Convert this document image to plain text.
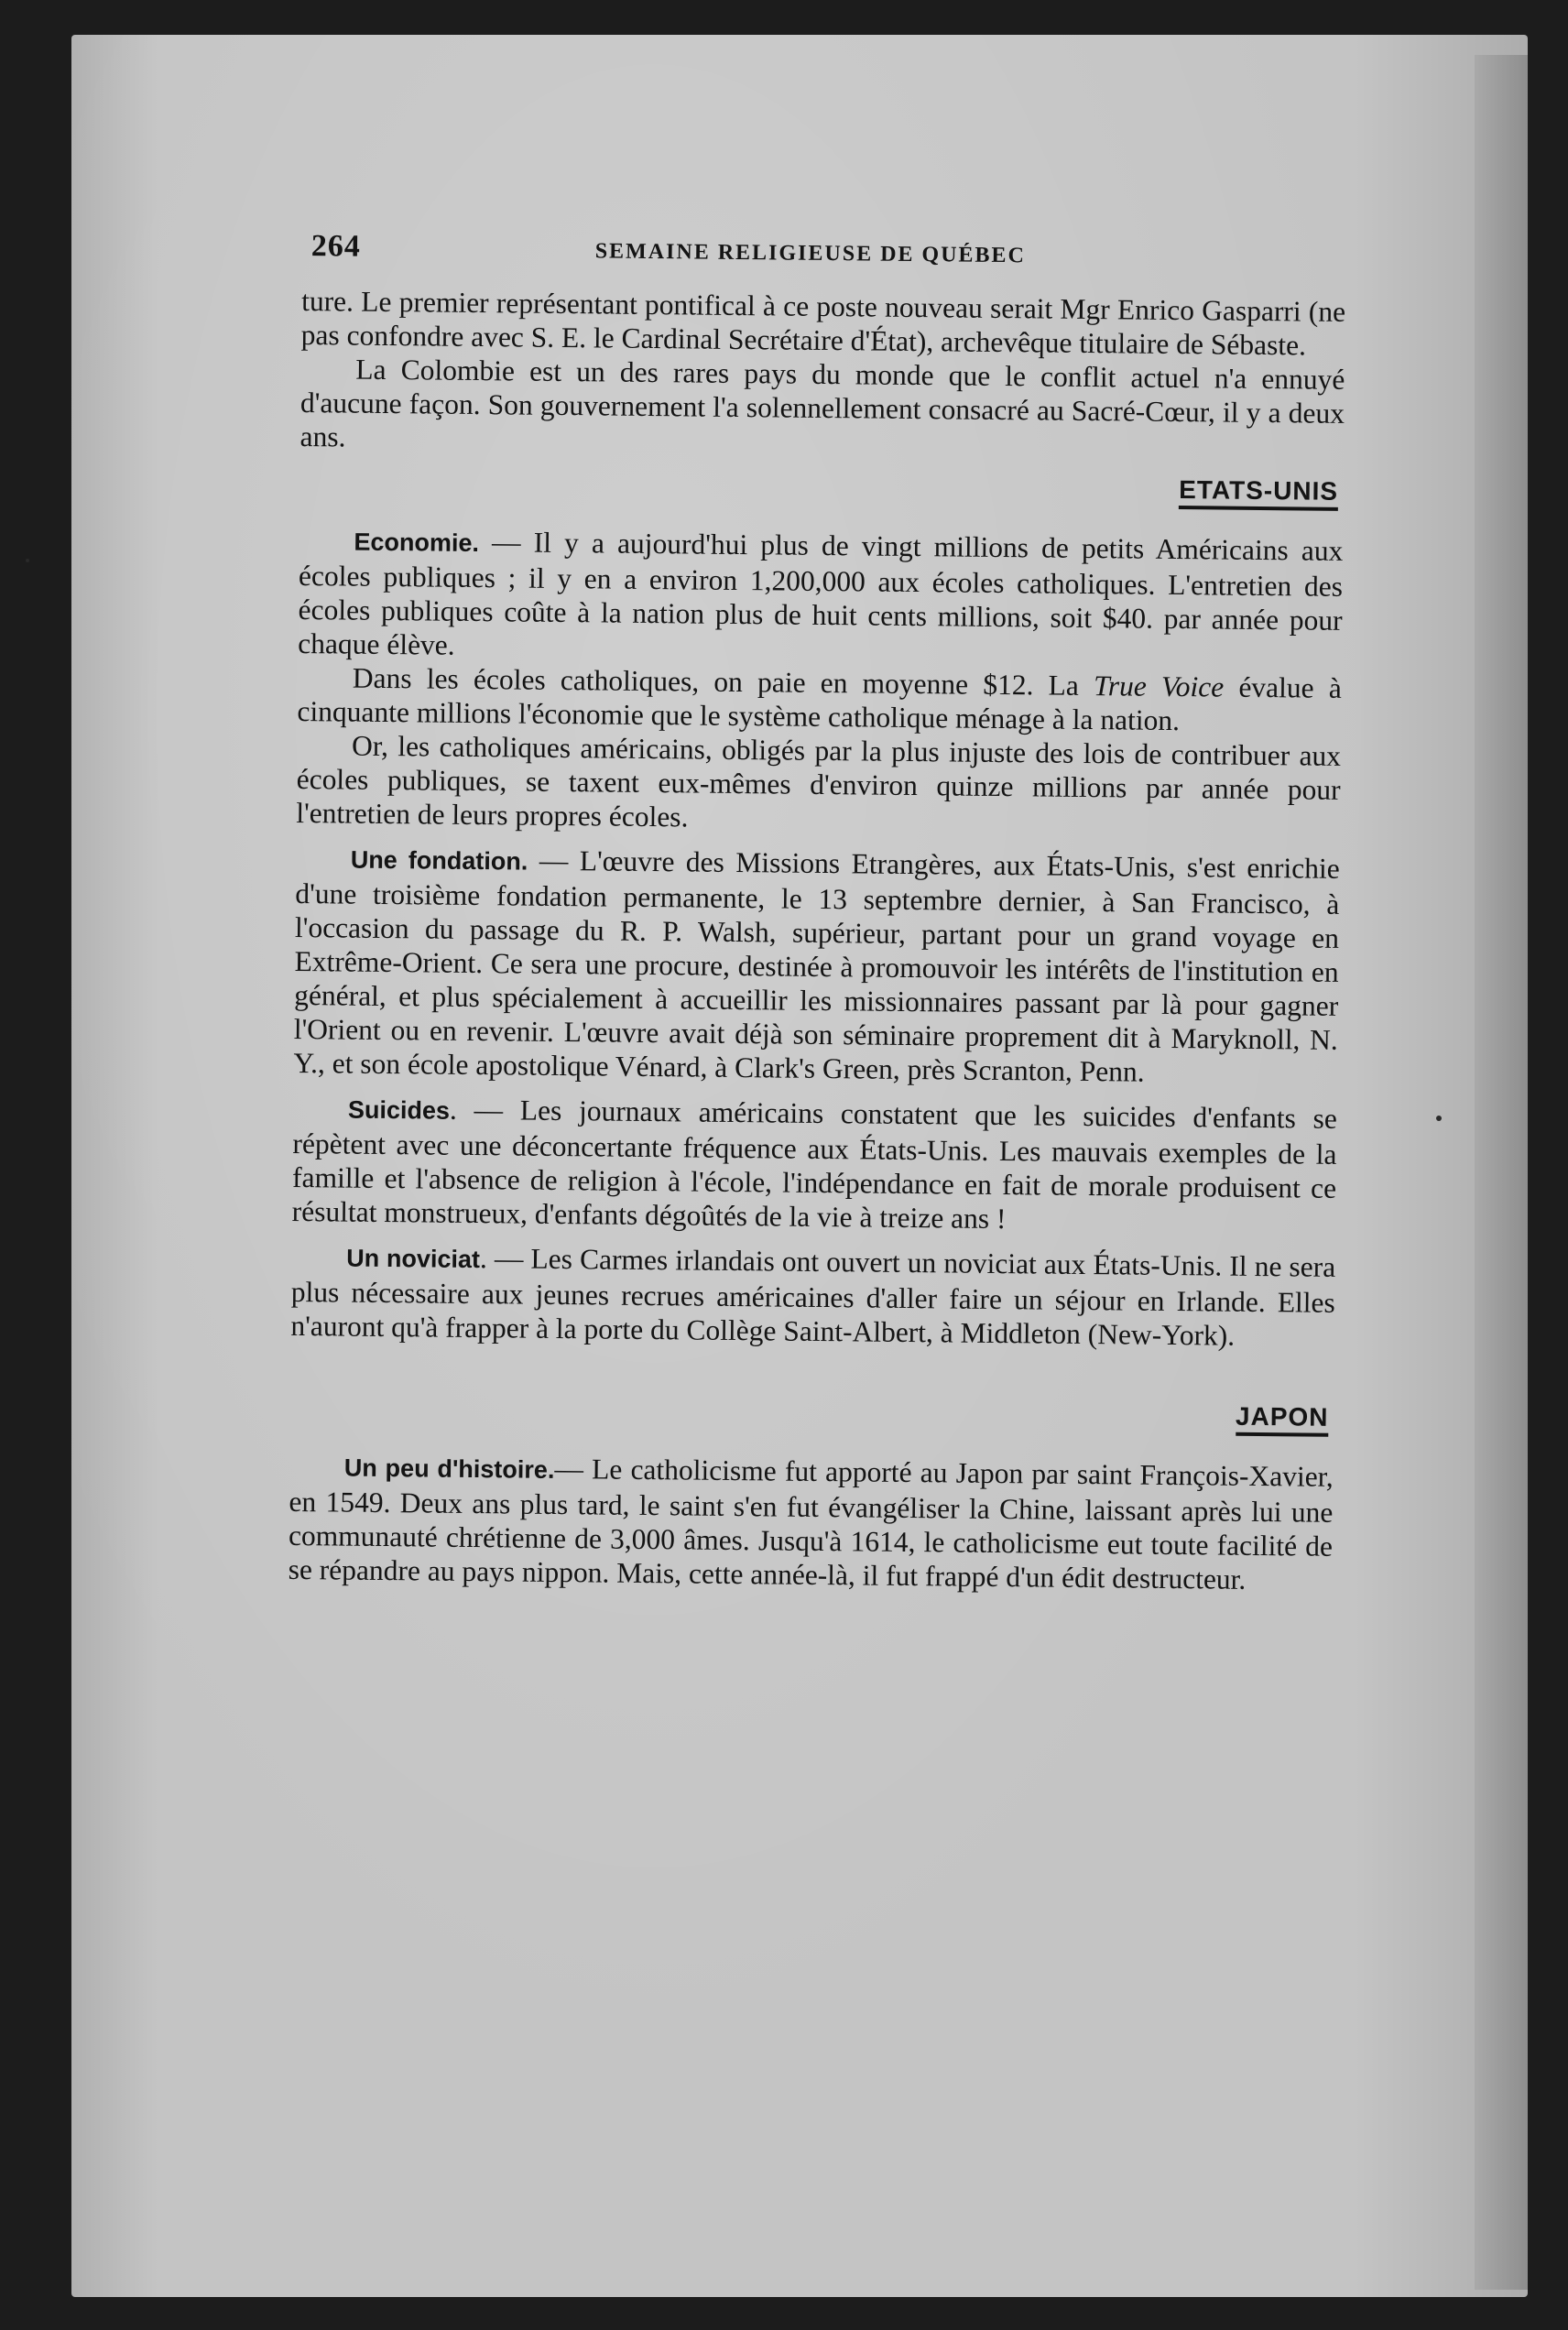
264	SEMAINE RELIGIEUSE DE QUÉBEC

ture. Le premier représentant pontifical à ce poste nouveau serait Mgr Enrico Gasparri (ne pas confondre avec S. E. le Cardinal Secrétaire d'État), archevêque titulaire de Sébaste.

La Colombie est un des rares pays du monde que le conflit actuel n'a ennuyé d'aucune façon. Son gouvernement l'a solennellement consacré au Sacré-Cœur, il y a deux ans.

ETATS-UNIS

Economie. — Il y a aujourd'hui plus de vingt millions de petits Américains aux écoles publiques ; il y en a environ 1,200,000 aux écoles catholiques. L'entretien des écoles publiques coûte à la nation plus de huit cents millions, soit $40. par année pour chaque élève.

Dans les écoles catholiques, on paie en moyenne $12. La True Voice évalue à cinquante millions l'économie que le système catholique ménage à la nation.

Or, les catholiques américains, obligés par la plus injuste des lois de contribuer aux écoles publiques, se taxent eux-mêmes d'environ quinze millions par année pour l'entretien de leurs propres écoles.

Une fondation. — L'œuvre des Missions Etrangères, aux États-Unis, s'est enrichie d'une troisième fondation permanente, le 13 septembre dernier, à San Francisco, à l'occasion du passage du R. P. Walsh, supérieur, partant pour un grand voyage en Extrême-Orient. Ce sera une procure, destinée à promouvoir les intérêts de l'institution en général, et plus spécialement à accueillir les missionnaires passant par là pour gagner l'Orient ou en revenir. L'œuvre avait déjà son séminaire proprement dit à Maryknoll, N. Y., et son école apostolique Vénard, à Clark's Green, près Scranton, Penn.

Suicides. — Les journaux américains constatent que les suicides d'enfants se répètent avec une déconcertante fréquence aux États-Unis. Les mauvais exemples de la famille et l'absence de religion à l'école, l'indépendance en fait de morale produisent ce résultat monstrueux, d'enfants dégoûtés de la vie à treize ans !

Un noviciat. — Les Carmes irlandais ont ouvert un noviciat aux États-Unis. Il ne sera plus nécessaire aux jeunes recrues américaines d'aller faire un séjour en Irlande. Elles n'auront qu'à frapper à la porte du Collège Saint-Albert, à Middleton (New-York).

JAPON

Un peu d'histoire.— Le catholicisme fut apporté au Japon par saint François-Xavier, en 1549. Deux ans plus tard, le saint s'en fut évangéliser la Chine, laissant après lui une communauté chrétienne de 3,000 âmes. Jusqu'à 1614, le catholicisme eut toute facilité de se répandre au pays nippon. Mais, cette année-là, il fut frappé d'un édit destructeur.
